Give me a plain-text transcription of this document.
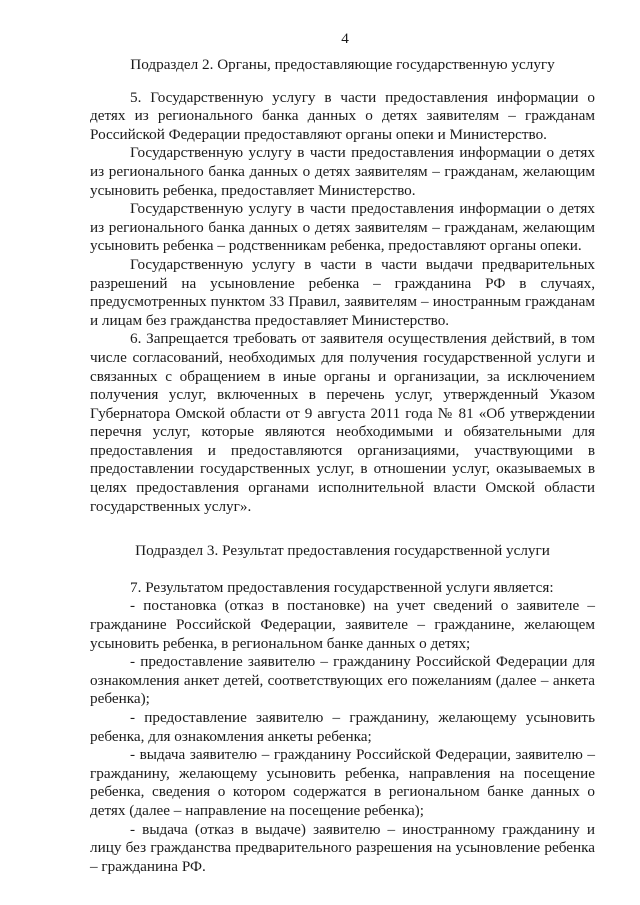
4
Подраздел 2. Органы, предоставляющие государственную услугу

5. Государственную услугу в части предоставления информации о детях из регионального банка данных о детях заявителям – гражданам Российской Федерации предоставляют органы опеки и Министерство.

Государственную услугу в части предоставления информации о детях из регионального банка данных о детях заявителям – гражданам, желающим усыновить ребенка, предоставляет Министерство.

Государственную услугу в части предоставления информации о детях из регионального банка данных о детях заявителям – гражданам, желающим усыновить ребенка – родственникам ребенка, предоставляют органы опеки.

Государственную услугу в части в части выдачи предварительных разрешений на усыновление ребенка – гражданина РФ в случаях, предусмотренных пунктом 33 Правил, заявителям – иностранным гражданам и лицам без гражданства предоставляет Министерство.

6. Запрещается требовать от заявителя осуществления действий, в том числе согласований, необходимых для получения государственной услуги и связанных с обращением в иные органы и организации, за исключением получения услуг, включенных в перечень услуг, утвержденный Указом Губернатора Омской области от 9 августа 2011 года № 81 «Об утверждении перечня услуг, которые являются необходимыми и обязательными для предоставления и предоставляются организациями, участвующими в предоставлении государственных услуг, в отношении услуг, оказываемых в целях предоставления органами исполнительной власти Омской области государственных услуг».

Подраздел 3. Результат предоставления государственной услуги

7. Результатом предоставления государственной услуги является:

- постановка (отказ в постановке) на учет сведений о заявителе – гражданине Российской Федерации, заявителе – гражданине, желающем усыновить ребенка, в региональном банке данных о детях;

- предоставление заявителю – гражданину Российской Федерации для ознакомления анкет детей, соответствующих его пожеланиям (далее – анкета ребенка);

- предоставление заявителю – гражданину, желающему усыновить ребенка, для ознакомления анкеты ребенка;

- выдача заявителю – гражданину Российской Федерации, заявителю – гражданину, желающему усыновить ребенка, направления на посещение ребенка, сведения о котором содержатся в региональном банке данных о детях (далее – направление на посещение ребенка);

- выдача (отказ в выдаче) заявителю – иностранному гражданину и лицу без гражданства предварительного разрешения на усыновление ребенка – гражданина РФ.
